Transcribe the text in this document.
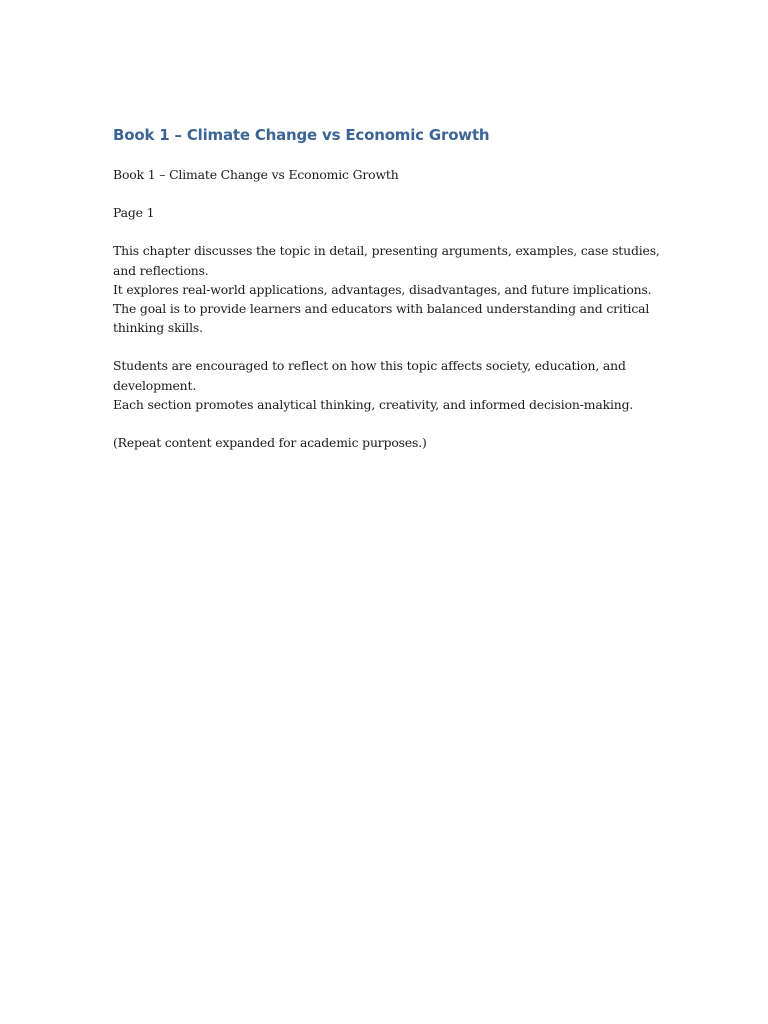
Book 1 – Climate Change vs Economic Growth

Book 1 – Climate Change vs Economic Growth

Page 1

This chapter discusses the topic in detail, presenting arguments, examples, case studies, and reflections.
It explores real-world applications, advantages, disadvantages, and future implications.
The goal is to provide learners and educators with balanced understanding and critical thinking skills.

Students are encouraged to reflect on how this topic affects society, education, and development.
Each section promotes analytical thinking, creativity, and informed decision-making.

(Repeat content expanded for academic purposes.)
